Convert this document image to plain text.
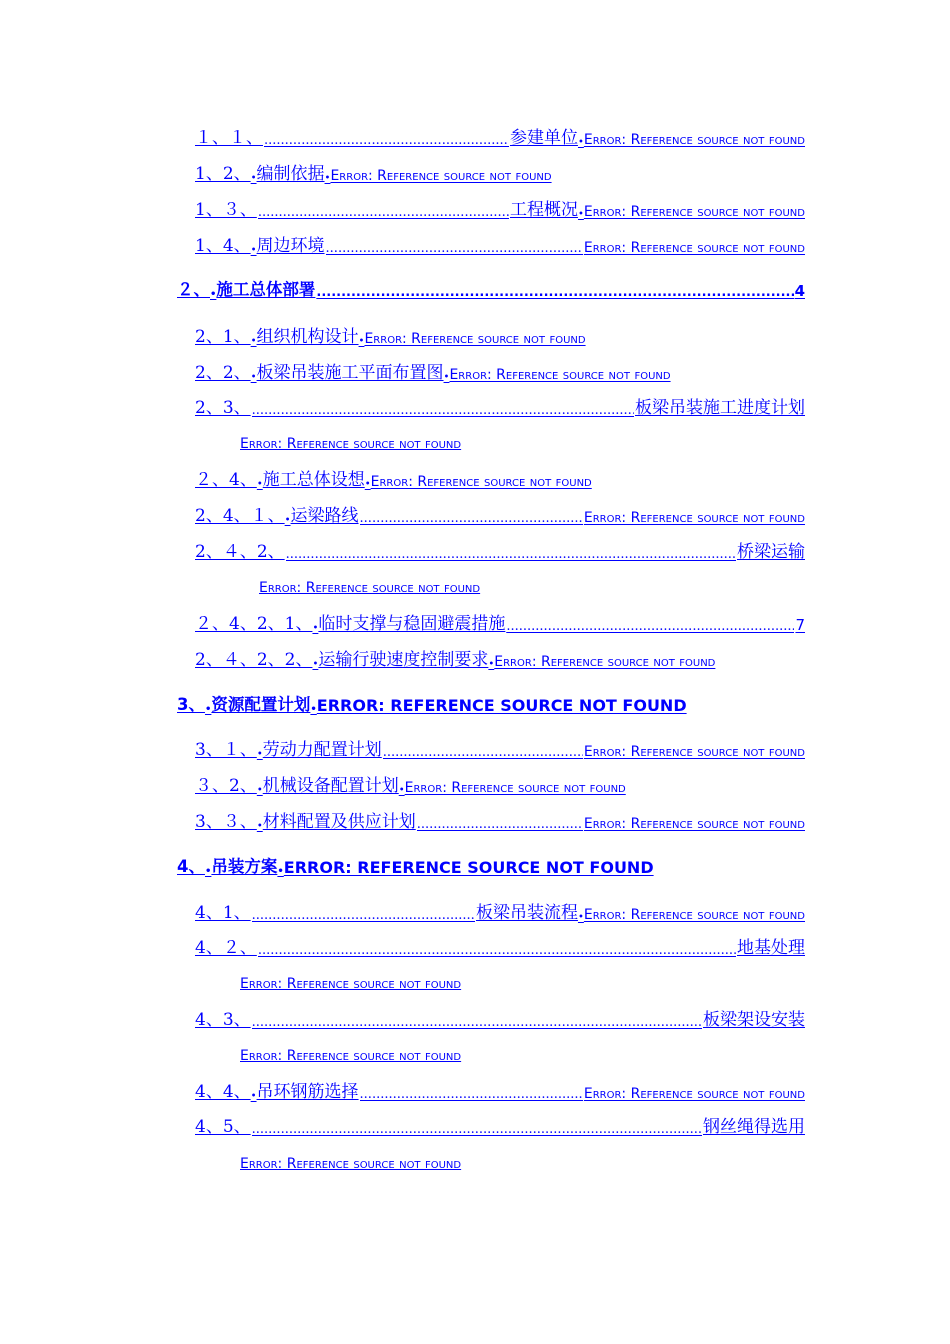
１、１、 .....	参建单位 • Error: Reference source not found
1、2、 • 编制依据 • Error: Reference source not found
1、３、 .....	工程概况 • Error: Reference source not found
1、4、 • 周边环境 .....	Error: Reference source not found
２、 • 施工总体部署 .....	4
2、1、 • 组织机构设计 • Error: Reference source not found
2、2、 • 板梁吊装施工平面布置图 • Error: Reference source not found
2、3、 .....	板梁吊装施工进度计划
Error: Reference source not found
２、4、 • 施工总体设想 • Error: Reference source not found
2、4、１、 • 运梁路线 .....	Error: Reference source not found
2、４、2、 .....	桥梁运输
Error: Reference source not found
２、4、2、1、 • 临时支撑与稳固避震措施 .....	7
2、４、2、2、 • 运输行驶速度控制要求 • Error: Reference source not found
3、 • 资源配置计划 • ERROR: REFERENCE SOURCE NOT FOUND
3、１、 • 劳动力配置计划 .....	Error: Reference source not found
３、2、 • 机械设备配置计划 • Error: Reference source not found
3、３、 • 材料配置及供应计划 .....	Error: Reference source not found
4、 • 吊装方案 • ERROR: REFERENCE SOURCE NOT FOUND
4、1、 .....	板梁吊装流程 • Error: Reference source not found
4、２、 .....	地基处理
Error: Reference source not found
4、3、 .....	板梁架设安装
Error: Reference source not found
4、4、 • 吊环钢筋选择 .....	Error: Reference source not found
4、5、 .....	钢丝绳得选用
Error: Reference source not found
